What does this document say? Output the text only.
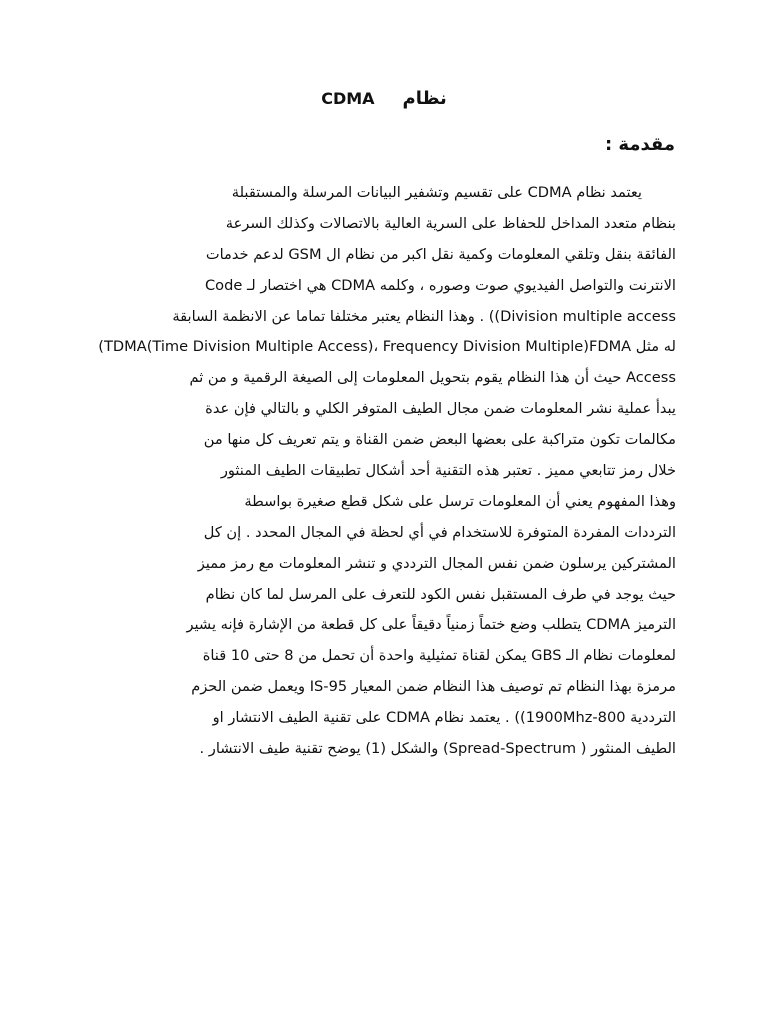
نظامCDMA
مقدمة :
يعتمد نظام CDMA على تقسيم وتشفير البيانات المرسلة والمستقبلة
بنظام متعدد المداخل للحفاظ على السرية العالية بالاتصالات وكذلك السرعة
الفائقة بنقل وتلقي المعلومات وكمية نقل اكبر من نظام ال GSM لدعم خدمات
الانترنت والتواصل الفيديوي صوت وصوره ، وكلمه CDMA هي اختصار لـ Code
Division multiple access)) . وهذا النظام يعتبر مختلفا تماما عن الانظمة السابقة
له مثل TDMA(Time Division Multiple Access)، Frequency Division Multiple)FDMA)
Access حيث أن هذا النظام يقوم بتحويل المعلومات إلى الصيغة الرقمية و من ثم
يبدأ عملية نشر المعلومات ضمن مجال الطيف المتوفر الكلي و بالتالي فإن عدة
مكالمات تكون متراكبة على بعضها البعض ضمن القناة و يتم تعريف كل منها من
خلال رمز تتابعي مميز . تعتبر هذه التقنية أحد أشكال تطبيقات الطيف المنثور
وهذا المفهوم يعني أن المعلومات ترسل على شكل قطع صغيرة بواسطة
الترددات المفردة المتوفرة للاستخدام في أي لحظة في المجال المحدد . إن كل
المشتركين يرسلون ضمن نفس المجال الترددي و تنشر المعلومات مع رمز مميز
حيث يوجد في طرف المستقبل نفس الكود للتعرف على المرسل لما كان نظام
الترميز CDMA يتطلب وضع ختماً زمنياً دقيقاً على كل قطعة من الإشارة فإنه يشير
لمعلومات نظام الـ GBS يمكن لقناة تمثيلية واحدة أن تحمل من 8 حتى 10 قناة
مرمزة بهذا النظام تم توصيف هذا النظام ضمن المعيار IS-95 ويعمل ضمن الحزم
الترددية 800-1900Mhz)) . يعتمد نظام CDMA على تقنية الطيف الانتشار او
الطيف المنثور ( Spread-Spectrum) والشكل (1) يوضح تقنية طيف الانتشار .
